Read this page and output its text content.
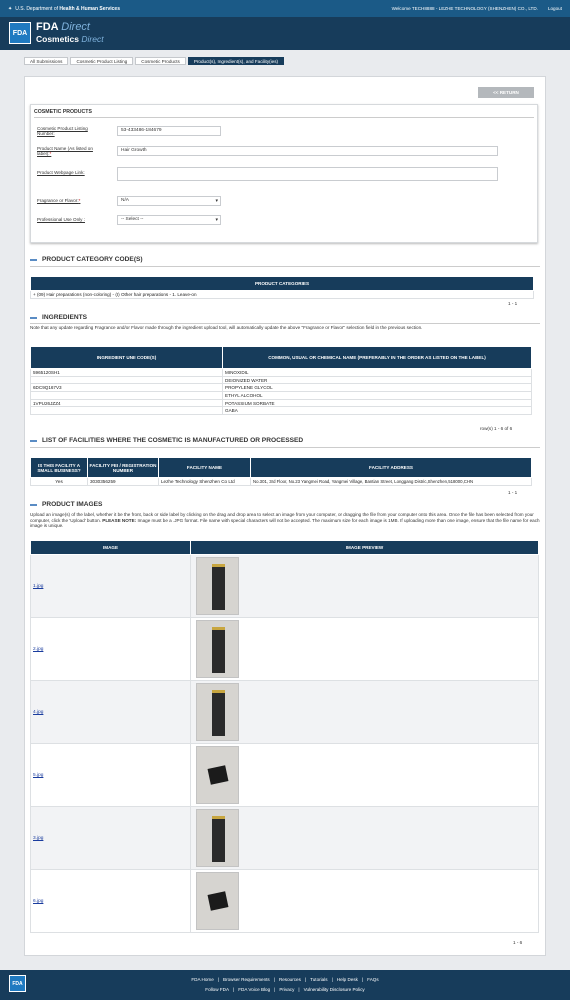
✦ U.S. Department of Health & Human Services	Welcome TECH8888 - LEZHE TECHNOLOGY (SHENZHEN) CO., LTD. Logout
FDA FDA Direct
Cosmetics Direct
All Submissions	Cosmetic Product Listing	Cosmetic Products	Product(s), Ingredient(s), and Facility(ies)
<< RETURN
COSMETIC PRODUCTS
Cosmetic Product Listing Number:
53-433486-184679
Product Name (As listed on label):*
Hair Growth
Product Webpage Link:
Fragrance or Flavor:*	N/A ▾
Professional Use Only :	-- Select -- ▾
PRODUCT CATEGORY CODE(S)
PRODUCT CATEGORIES
+ (09) Hair preparations (non-coloring) - (I) Other hair preparations - 1. Leave-on
1 - 1
INGREDIENTS
Note that any update regarding Fragrance and/or Flavor made through the ingredient upload tool, will automatically update the above "Fragrance or Flavor" selection field in the previous section.
INGREDIENT UNII CODE(S)	COMMON, USUAL OR CHEMICAL NAME (PREFERABLY IN THE ORDER AS LISTED ON THE LABEL)
5965120SH1	MINOXIDIL
	DEIONIZED WATER
6DC9Q167V3	PROPYLENE GLYCOL
	ETHYL ALCOHOL
1VPU26JZZ4	POTASSIUM SORBATE
	GABA
row(s) 1 - 6 of 6
LIST OF FACILITIES WHERE THE COSMETIC IS MANUFACTURED OR PROCESSED
IS THIS FACILITY A SMALL BUSINESS?	FACILITY FEI / REGISTRATION NUMBER	FACILITY NAME	FACILITY ADDRESS
Yes	3030356259	Lezhe Technology Shenzhen Co Ltd	No.301, 3rd Floor, No.23 Yangmei Road, Yangmei Village, Bantian Street, Longgang Distric,Shenzhen,518000,CHN
1 - 1
PRODUCT IMAGES
Upload an image(s) of the label, whether it be the front, back or side label by clicking on the drag and drop area to select an image from your computer, or dragging the file from your computer onto this area. Once the file has been selected from your computer, click the 'Upload' button. PLEASE NOTE: Image must be a .JPG format. File name with special characters will not be accepted. The maximum size for each image is 1MB. If uploading more than one image, ensure that the file name for each image is unique.
IMAGE	IMAGE PREVIEW
1.jpg	

2.jpg	

4.jpg	

5.jpg	

3.jpg	

6.jpg	
1 - 6
FDA
FDA Home | Browser Requirements | Resources | Tutorials | Help Desk | FAQs
Follow FDA | FDA Voice Blog | Privacy | Vulnerability Disclosure Policy
